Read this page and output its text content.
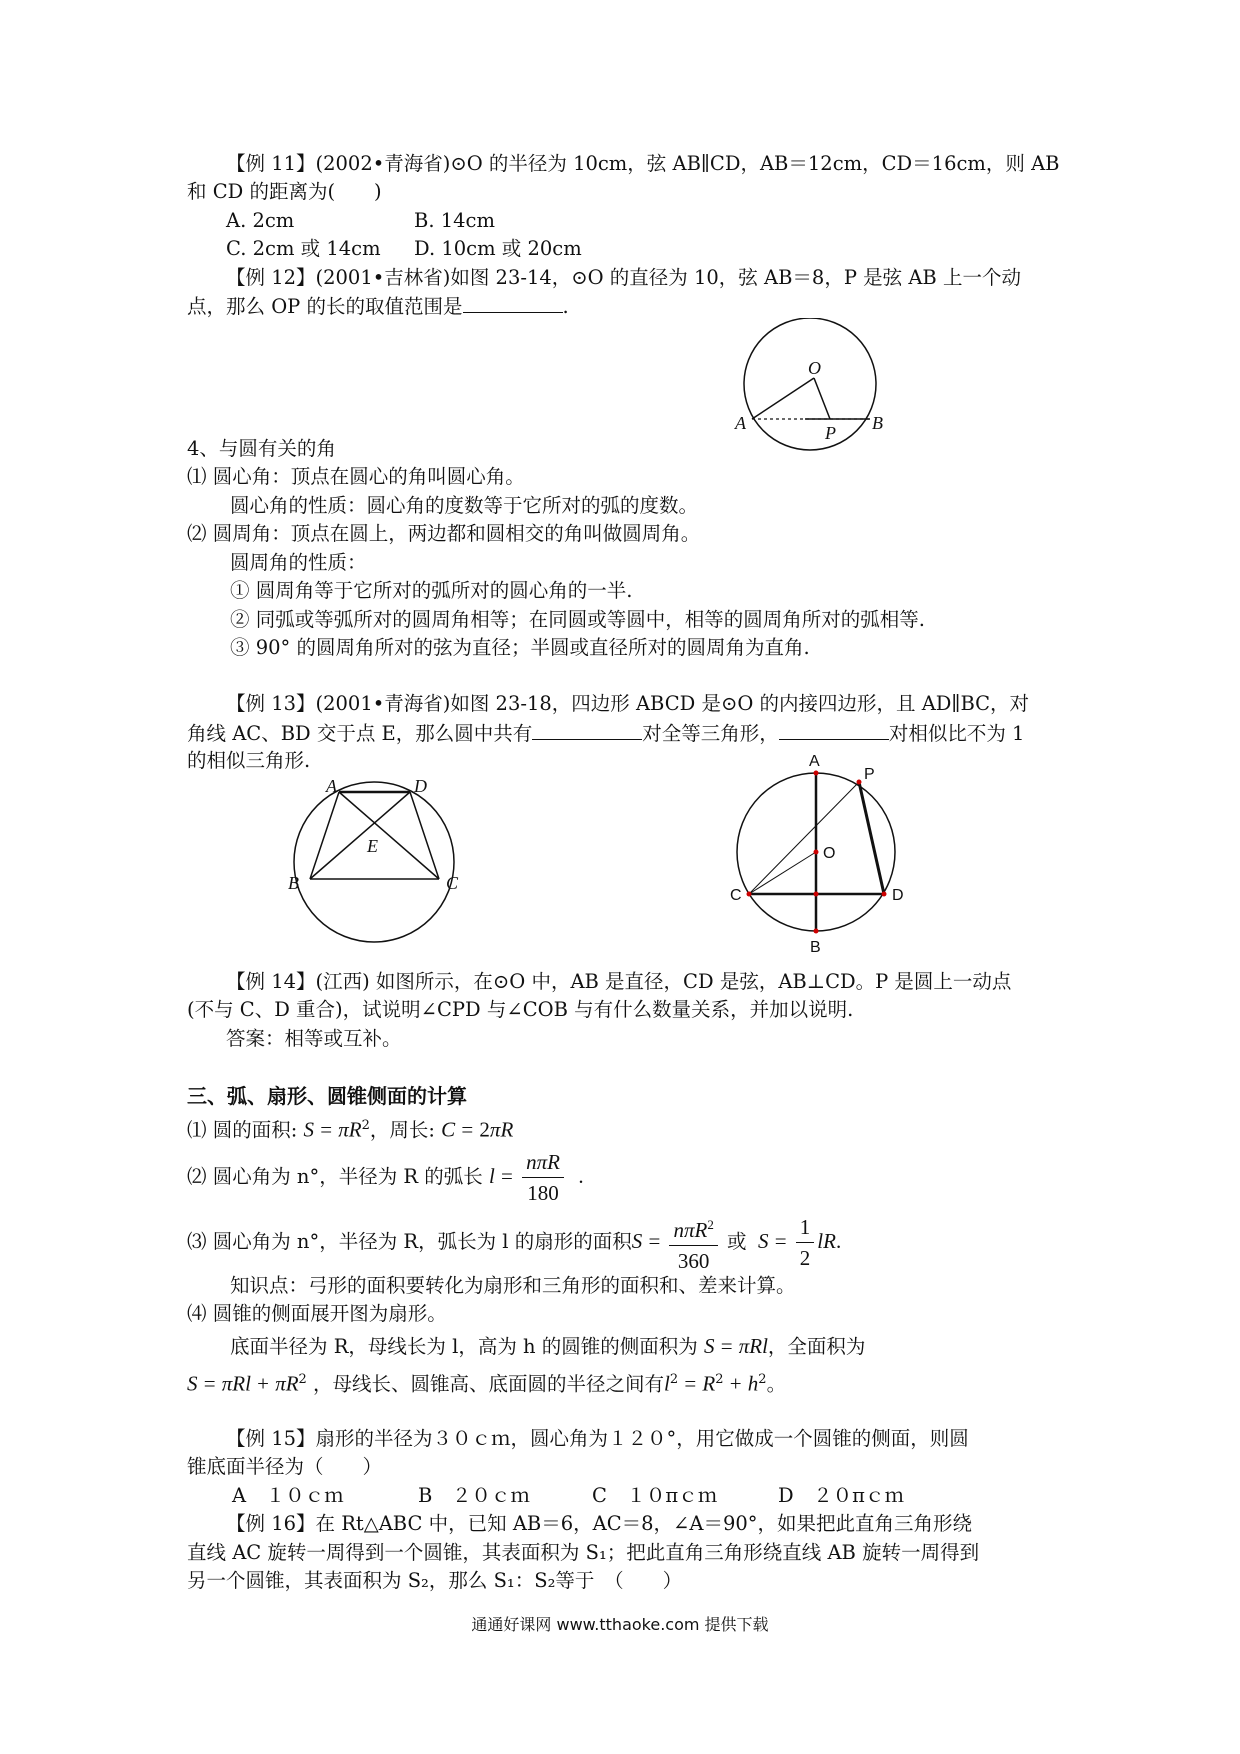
【例 11】(2002•青海省)⊙O 的半径为 10cm，弦 AB∥CD，AB＝12cm，CD＝16cm，则 AB
和 CD 的距离为(　　)
A. 2cm	B. 14cm
C. 2cm 或 14cm D. 10cm 或 20cm
【例 12】(2001•吉林省)如图 23-14，⊙O 的直径为 10，弦 AB＝8，P 是弦 AB 上一个动
点，那么 OP 的长的取值范围是	.
O
A	P B
4、与圆有关的角
⑴ 圆心角：顶点在圆心的角叫圆心角。
圆心角的性质：圆心角的度数等于它所对的弧的度数。
⑵ 圆周角：顶点在圆上，两边都和圆相交的角叫做圆周角。
圆周角的性质：
① 圆周角等于它所对的弧所对的圆心角的一半.
② 同弧或等弧所对的圆周角相等；在同圆或等圆中，相等的圆周角所对的弧相等.
③ 90° 的圆周角所对的弦为直径；半圆或直径所对的圆周角为直角.
【例 13】(2001•青海省)如图 23-18，四边形 ABCD 是⊙O 的内接四边形，且 AD∥BC，对
角线 AC、BD 交于点 E，那么圆中共有	对全等三角形，	对相似比不为 1
的相似三角形.
A	D
E
B	C
A
P
O
C	D
B
【例 14】(江西) 如图所示，在⊙O 中，AB 是直径，CD 是弦，AB⊥CD。P 是圆上一动点
(不与 C、D 重合)，试说明∠CPD 与∠COB 与有什么数量关系，并加以说明.
答案：相等或互补。
三、弧、扇形、圆锥侧面的计算
⑴ 圆的面积: $S = \pi R^2$，周长: C = 2πR
⑵ 圆心角为 n°，半径为 R 的弧长 $l = \frac{\text{nπR}}{180}$ .
⑶ 圆心角为 n°，半径为 R，弧长为 l 的扇形的面积$S = \frac{n\pi R^2}{360}$ 或  $S = \frac{1}{2}$ lR.
知识点：弓形的面积要转化为扇形和三角形的面积和、差来计算。
⑷ 圆锥的侧面展开图为扇形。
底面半径为 R，母线长为 l，高为 h 的圆锥的侧面积为 S = πRl，全面积为
$S = \pi Rl + \pi R^2$ ，母线长、圆锥高、底面圆的半径之间有$l^2 = R^2 + h^2$。
【例 15】扇形的半径为３０ｃｍ，圆心角为１２０°，用它做成一个圆锥的侧面，则圆
锥底面半径为（　　）
A　１０ｃｍ	B　２０ｃｍ	C　１０πｃｍ	D　２０πｃｍ
【例 16】在 Rt△ABC 中，已知 AB＝6，AC＝8，∠A＝90°，如果把此直角三角形绕
直线 AC 旋转一周得到一个圆锥，其表面积为 S₁；把此直角三角形绕直线 AB 旋转一周得到
另一个圆锥，其表面积为 S₂，那么 S₁：S₂等于　（　　）
通通好课网 www.tthaoke.com 提供下载
